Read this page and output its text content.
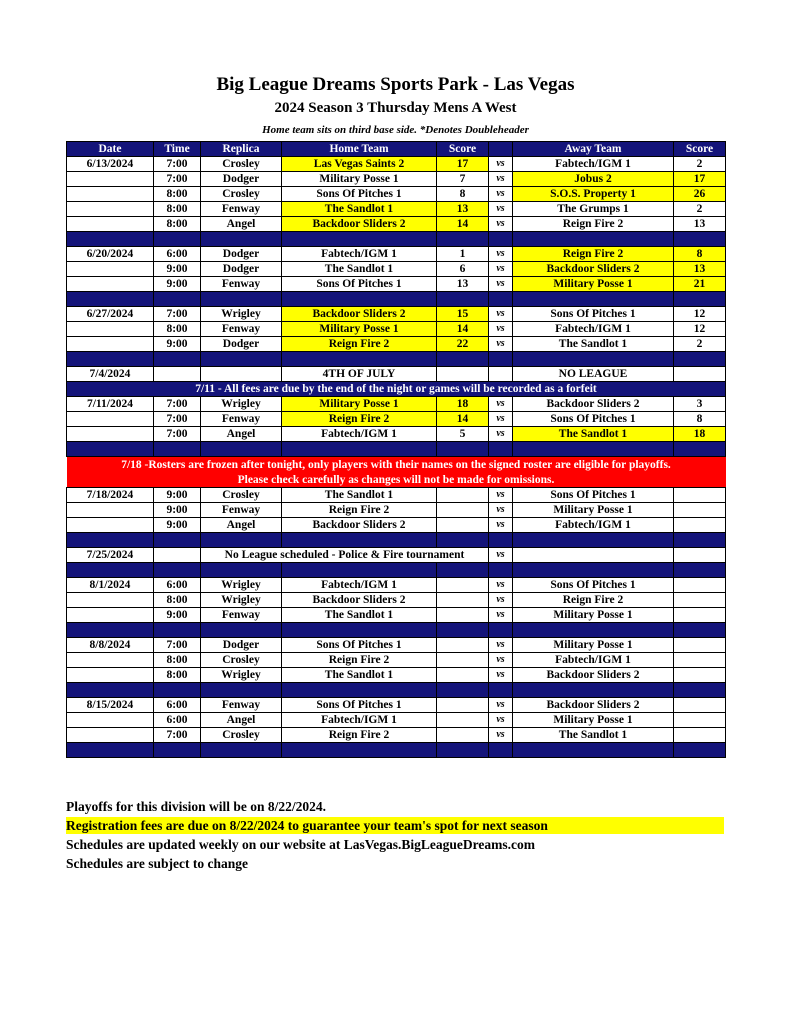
Big League Dreams Sports Park - Las Vegas
2024 Season 3 Thursday Mens A West
Home team sits on third base side. *Denotes Doubleheader
Date	Time	Replica	Home Team	Score		Away Team	Score
6/13/2024	7:00	Crosley	Las Vegas Saints 2	17	vs	Fabtech/IGM 1	2
	7:00	Dodger	Military Posse 1	7	vs	Jobus 2	17
	8:00	Crosley	Sons Of Pitches 1	8	vs	S.O.S. Property 1	26
	8:00	Fenway	The Sandlot 1	13	vs	The Grumps 1	2
	8:00	Angel	Backdoor Sliders 2	14	vs	Reign Fire 2	13

6/20/2024	6:00	Dodger	Fabtech/IGM 1	1	vs	Reign Fire 2	8
	9:00	Dodger	The Sandlot 1	6	vs	Backdoor Sliders 2	13
	9:00	Fenway	Sons Of Pitches 1	13	vs	Military Posse 1	21

6/27/2024	7:00	Wrigley	Backdoor Sliders 2	15	vs	Sons Of Pitches 1	12
	8:00	Fenway	Military Posse 1	14	vs	Fabtech/IGM 1	12
	9:00	Dodger	Reign Fire 2	22	vs	The Sandlot 1	2

7/4/2024			4TH OF JULY			NO LEAGUE	
7/11 - All fees are due by the end of the night or games will be recorded as a forfeit							
7/11/2024	7:00	Wrigley	Military Posse 1	18	vs	Backdoor Sliders 2	3
	7:00	Fenway	Reign Fire 2	14	vs	Sons Of Pitches 1	8
	7:00	Angel	Fabtech/IGM 1	5	vs	The Sandlot 1	18

7/18 -Rosters are frozen after tonight, only players with their names on the signed roster are eligible for playoffs.							
Please check carefully as changes will not be made for omissions.							
7/18/2024	9:00	Crosley	The Sandlot 1		vs	Sons Of Pitches 1	
	9:00	Fenway	Reign Fire 2		vs	Military Posse 1	
	9:00	Angel	Backdoor Sliders 2		vs	Fabtech/IGM 1	

7/25/2024		No League scheduled - Police & Fire tournament			vs		

8/1/2024	6:00	Wrigley	Fabtech/IGM 1		vs	Sons Of Pitches 1	
	8:00	Wrigley	Backdoor Sliders 2		vs	Reign Fire 2	
	9:00	Fenway	The Sandlot 1		vs	Military Posse 1	

8/8/2024	7:00	Dodger	Sons Of Pitches 1		vs	Military Posse 1	
	8:00	Crosley	Reign Fire 2		vs	Fabtech/IGM 1	
	8:00	Wrigley	The Sandlot 1		vs	Backdoor Sliders 2	

8/15/2024	6:00	Fenway	Sons Of Pitches 1		vs	Backdoor Sliders 2	
	6:00	Angel	Fabtech/IGM 1		vs	Military Posse 1	
	7:00	Crosley	Reign Fire 2		vs	The Sandlot 1	

Playoffs for this division will be on 8/22/2024.
Registration fees are due on 8/22/2024 to guarantee your team's spot for next season
Schedules are updated weekly on our website at LasVegas.BigLeagueDreams.com
Schedules are subject to change
